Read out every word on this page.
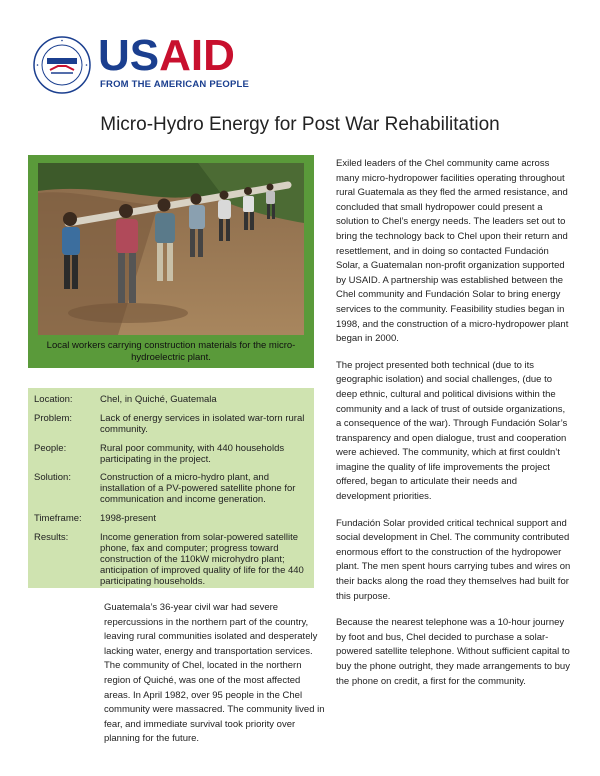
USAID
FROM THE AMERICAN PEOPLE
Micro-Hydro Energy for Post War Rehabilitation
Local workers carrying construction materials for the micro-hydroelectric plant.
Location:	Chel, in Quiché, Guatemala
Problem:	Lack of energy services in isolated war-torn rural community.
People:	Rural poor community, with 440 households participating in the project.
Solution:	Construction of a micro-hydro plant, and installation of a PV-powered satellite phone for communication and income generation.
Timeframe:	1998-present
Results:	Income generation from solar-powered satellite phone, fax and computer; progress toward construction of the 110kW microhydro plant; anticipation of improved quality of life for the 440 participating households.

Guatemala’s 36-year civil war had severe repercussions in the northern part of the country, leaving rural communities isolated and desperately lacking water, energy and transportation services. The community of Chel, located in the northern region of Quiché, was one of the most affected areas. In April 1982, over 95 people in the Chel community were massacred. The community lived in fear, and immediate survival took priority over planning for the future.

Exiled leaders of the Chel community came across many micro-hydropower facilities operating throughout rural Guatemala as they fled the armed resistance, and concluded that small hydropower could present a solution to Chel’s energy needs. The leaders set out to bring the technology back to Chel upon their return and resettlement, and in doing so contacted Fundación Solar, a Guatemalan non-profit organization supported by USAID. A partnership was established between the Chel community and Fundación Solar to bring energy services to the community. Feasibility studies began in 1998, and the construction of a micro-hydropower plant began in 2000.

The project presented both technical (due to its geographic isolation) and social challenges, (due to deep ethnic, cultural and political divisions within the community and a lack of trust of outside organizations, a consequence of the war). Through Fundación Solar’s transparency and open dialogue, trust and cooperation were achieved. The community, which at first couldn’t imagine the quality of life improvements the project offered, began to articulate their needs and development priorities.

Fundación Solar provided critical technical support and social development in Chel. The community contributed enormous effort to the construction of the hydropower plant. The men spent hours carrying tubes and wires on their backs along the road they themselves had built for this purpose.

Because the nearest telephone was a 10-hour journey by foot and bus, Chel decided to purchase a solar-powered satellite telephone. Without sufficient capital to buy the phone outright, they made arrangements to buy the phone on credit, a first for the community.
